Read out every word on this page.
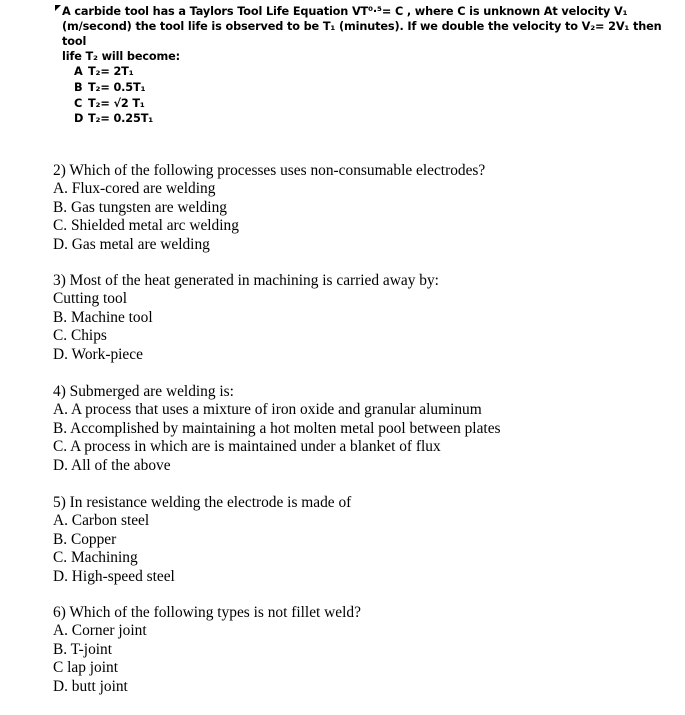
A carbide tool has a Taylors Tool Life Equation VT⁰·⁵= C , where C is unknown At velocity V₁
(m/second) the tool life is observed to be T₁ (minutes). If we double the velocity to V₂= 2V₁ then tool
life T₂ will become:
A T₂= 2T₁
B T₂= 0.5T₁
C T₂= √2 T₁
D T₂= 0.25T₁
2) Which of the following processes uses non-consumable electrodes?
A. Flux-cored are welding
B. Gas tungsten are welding
C. Shielded metal arc welding
D. Gas metal are welding
3) Most of the heat generated in machining is carried away by:
Cutting tool
B. Machine tool
C. Chips
D. Work-piece
4) Submerged are welding is:
A. A process that uses a mixture of iron oxide and granular aluminum
B. Accomplished by maintaining a hot molten metal pool between plates
C. A process in which are is maintained under a blanket of flux
D. All of the above
5) In resistance welding the electrode is made of
A. Carbon steel
B. Copper
C. Machining
D. High-speed steel
6) Which of the following types is not fillet weld?
A. Corner joint
B. T-joint
C lap joint
D. butt joint
